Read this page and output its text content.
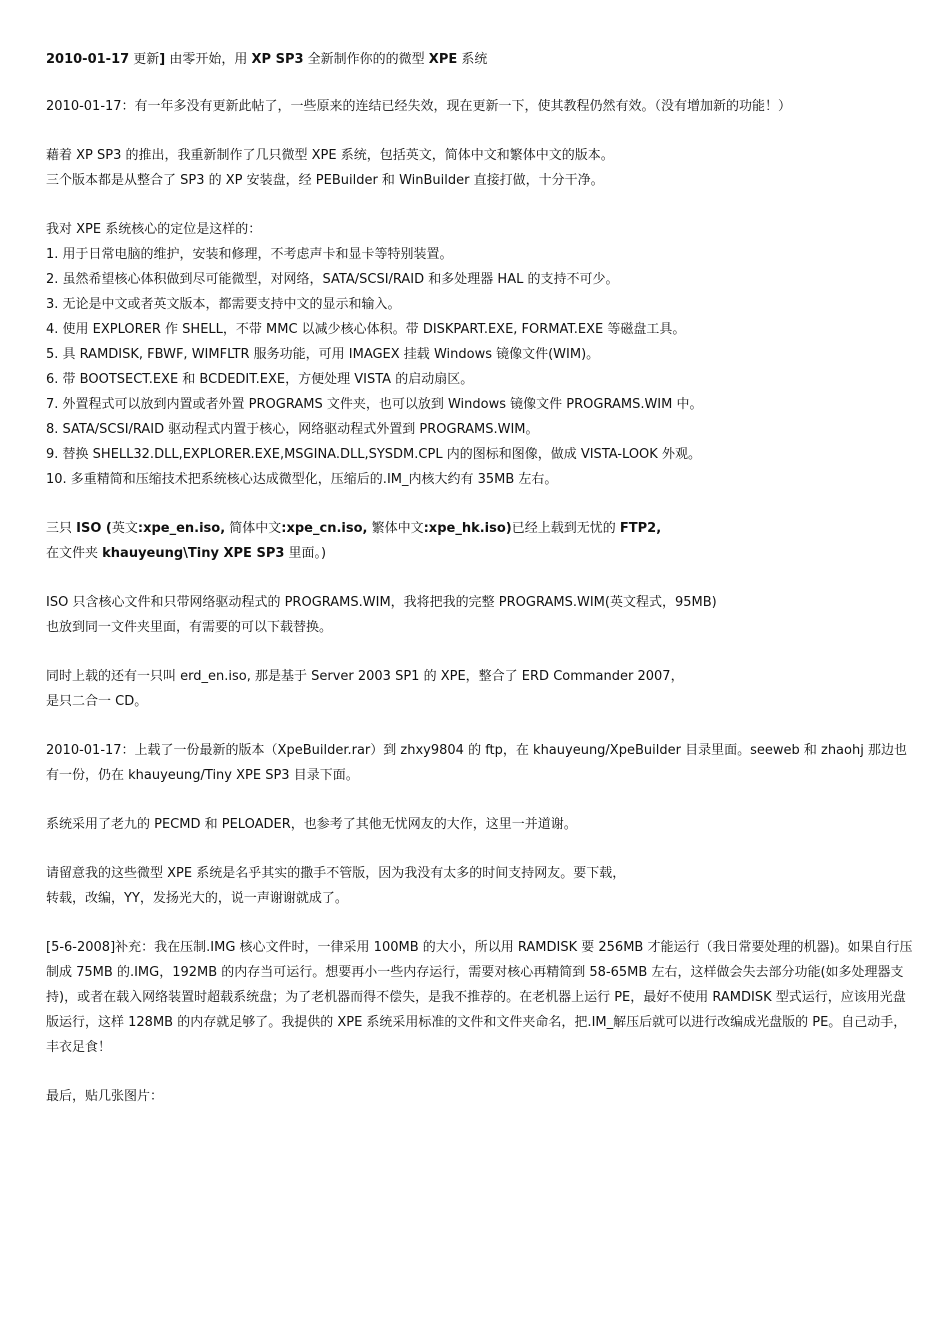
2010-01-17 更新] 由零开始，用 XP SP3 全新制作你的的微型 XPE 系统
2010-01-17：有一年多没有更新此帖了，一些原来的连结已经失效，现在更新一下，使其教程仍然有效。（没有增加新的功能！）
藉着 XP SP3 的推出，我重新制作了几只微型 XPE 系统，包括英文，简体中文和繁体中文的版本。
三个版本都是从整合了 SP3 的 XP 安装盘，经 PEBuilder 和 WinBuilder 直接打做，十分干净。
我对 XPE 系统核心的定位是这样的：
1. 用于日常电脑的维护，安装和修理，不考虑声卡和显卡等特别装置。
2. 虽然希望核心体积做到尽可能微型，对网络，SATA/SCSI/RAID 和多处理器 HAL 的支持不可少。
3. 无论是中文或者英文版本，都需要支持中文的显示和输入。
4. 使用 EXPLORER 作 SHELL，不带 MMC 以减少核心体积。带 DISKPART.EXE, FORMAT.EXE 等磁盘工具。
5. 具 RAMDISK, FBWF, WIMFLTR 服务功能，可用 IMAGEX 挂载 Windows 镜像文件(WIM)。
6. 带 BOOTSECT.EXE 和 BCDEDIT.EXE，方便处理 VISTA 的启动扇区。
7. 外置程式可以放到内置或者外置 PROGRAMS 文件夹，也可以放到 Windows 镜像文件 PROGRAMS.WIM 中。
8. SATA/SCSI/RAID 驱动程式内置于核心，网络驱动程式外置到 PROGRAMS.WIM。
9. 替换 SHELL32.DLL,EXPLORER.EXE,MSGINA.DLL,SYSDM.CPL 内的图标和图像，做成 VISTA-LOOK 外观。
10. 多重精简和压缩技术把系统核心达成微型化，压缩后的.IM_内核大约有 35MB 左右。
三只 ISO (英文:xpe_en.iso, 简体中文:xpe_cn.iso, 繁体中文:xpe_hk.iso)已经上载到无忧的 FTP2,
在文件夹 khauyeung\Tiny XPE SP3 里面。)
ISO 只含核心文件和只带网络驱动程式的 PROGRAMS.WIM，我将把我的完整 PROGRAMS.WIM(英文程式，95MB)
也放到同一文件夹里面，有需要的可以下载替换。
同时上载的还有一只叫 erd_en.iso, 那是基于 Server 2003 SP1 的 XPE，整合了 ERD Commander 2007，
是只二合一 CD。
2010-01-17：上载了一份最新的版本（XpeBuilder.rar）到 zhxy9804 的 ftp，在 khauyeung/XpeBuilder 目录里面。seeweb 和 zhaohj 那边也有一份，仍在 khauyeung/Tiny XPE SP3 目录下面。
系统采用了老九的 PECMD 和 PELOADER，也参考了其他无忧网友的大作，这里一并道谢。
请留意我的这些微型 XPE 系统是名乎其实的撒手不管版，因为我没有太多的时间支持网友。要下载，
转载，改编，YY，发扬光大的，说一声谢谢就成了。
[5-6-2008]补充：我在压制.IMG 核心文件时，一律采用 100MB 的大小，所以用 RAMDISK 要 256MB 才能运行（我日常要处理的机器)。如果自行压制成 75MB 的.IMG，192MB 的内存当可运行。想要再小一些内存运行，需要对核心再精简到 58-65MB 左右，这样做会失去部分功能(如多处理器支持)，或者在载入网络装置时超载系统盘；为了老机器而得不偿失，是我不推荐的。在老机器上运行 PE，最好不使用 RAMDISK 型式运行，应该用光盘版运行，这样 128MB 的内存就足够了。我提供的 XPE 系统采用标准的文件和文件夹命名，把.IM_解压后就可以进行改编成光盘版的 PE。自己动手，丰衣足食！
最后，贴几张图片：
